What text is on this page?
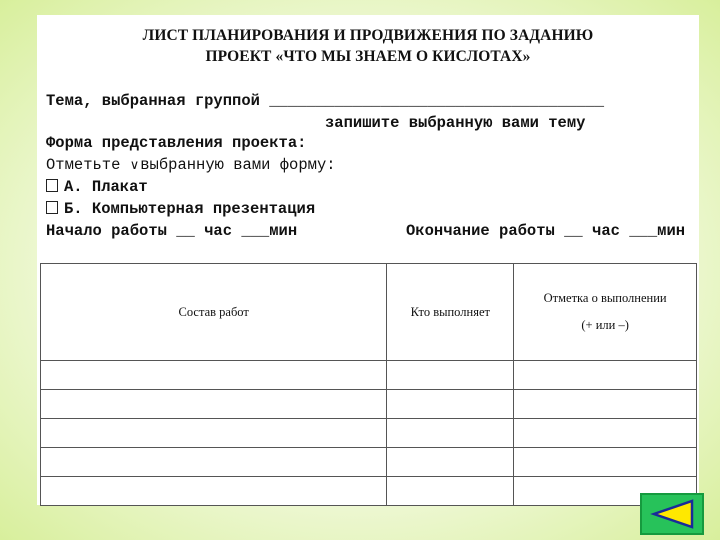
ЛИСТ ПЛАНИРОВАНИЯ И ПРОДВИЖЕНИЯ ПО ЗАДАНИЮ
ПРОЕКТ «ЧТО МЫ ЗНАЕМ О КИСЛОТАХ»
Тема, выбранная группой ____________________________________
запишите выбранную вами тему
Форма представления проекта:
Отметьте ∨выбранную вами форму:
А. Плакат
Б. Компьютерная презентация
Начало работы __ час ___мин	Окончание работы __ час ___мин
Состав работ	Кто выполняет	Отметка о выполнении
(+ или –)
